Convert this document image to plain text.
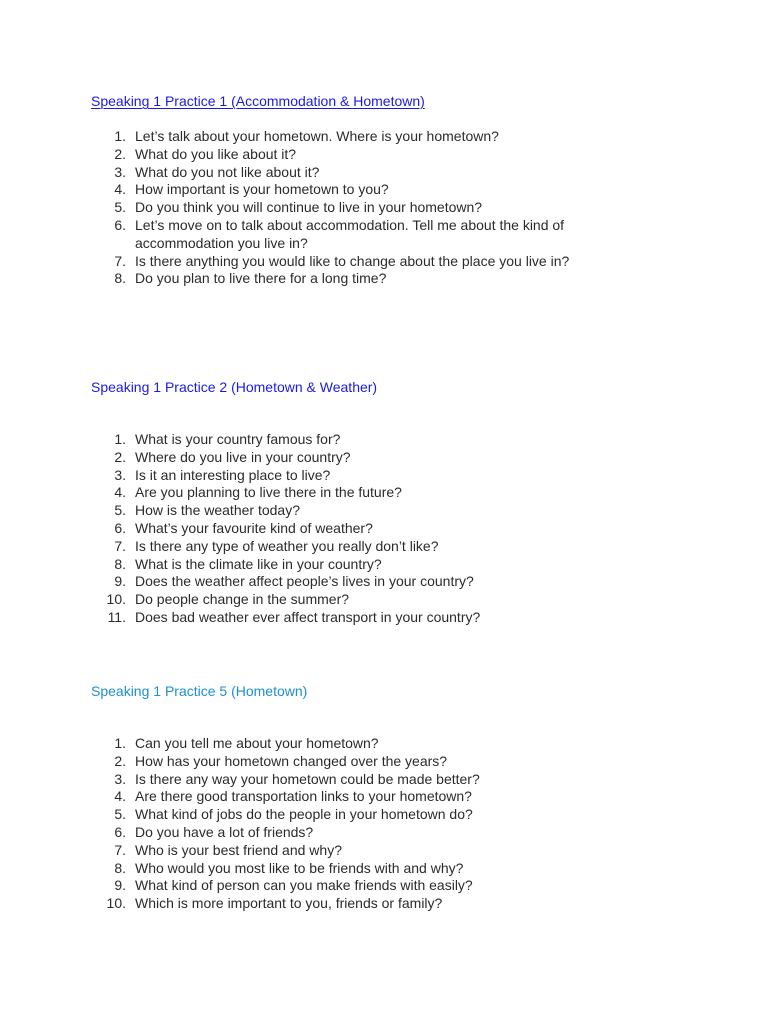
Speaking 1 Practice 1 (Accommodation & Hometown)
1. Let’s talk about your hometown. Where is your hometown?
2. What do you like about it?
3. What do you not like about it?
4. How important is your hometown to you?
5. Do you think you will continue to live in your hometown?
6. Let’s move on to talk about accommodation. Tell me about the kind of accommodation you live in?
7. Is there anything you would like to change about the place you live in?
8. Do you plan to live there for a long time?
Speaking 1 Practice 2 (Hometown & Weather)
1. What is your country famous for?
2. Where do you live in your country?
3. Is it an interesting place to live?
4. Are you planning to live there in the future?
5. How is the weather today?
6. What’s your favourite kind of weather?
7. Is there any type of weather you really don’t like?
8. What is the climate like in your country?
9. Does the weather affect people’s lives in your country?
10. Do people change in the summer?
11. Does bad weather ever affect transport in your country?
Speaking 1 Practice 5 (Hometown)
1. Can you tell me about your hometown?
2. How has your hometown changed over the years?
3. Is there any way your hometown could be made better?
4. Are there good transportation links to your hometown?
5. What kind of jobs do the people in your hometown do?
6. Do you have a lot of friends?
7. Who is your best friend and why?
8. Who would you most like to be friends with and why?
9. What kind of person can you make friends with easily?
10. Which is more important to you, friends or family?
